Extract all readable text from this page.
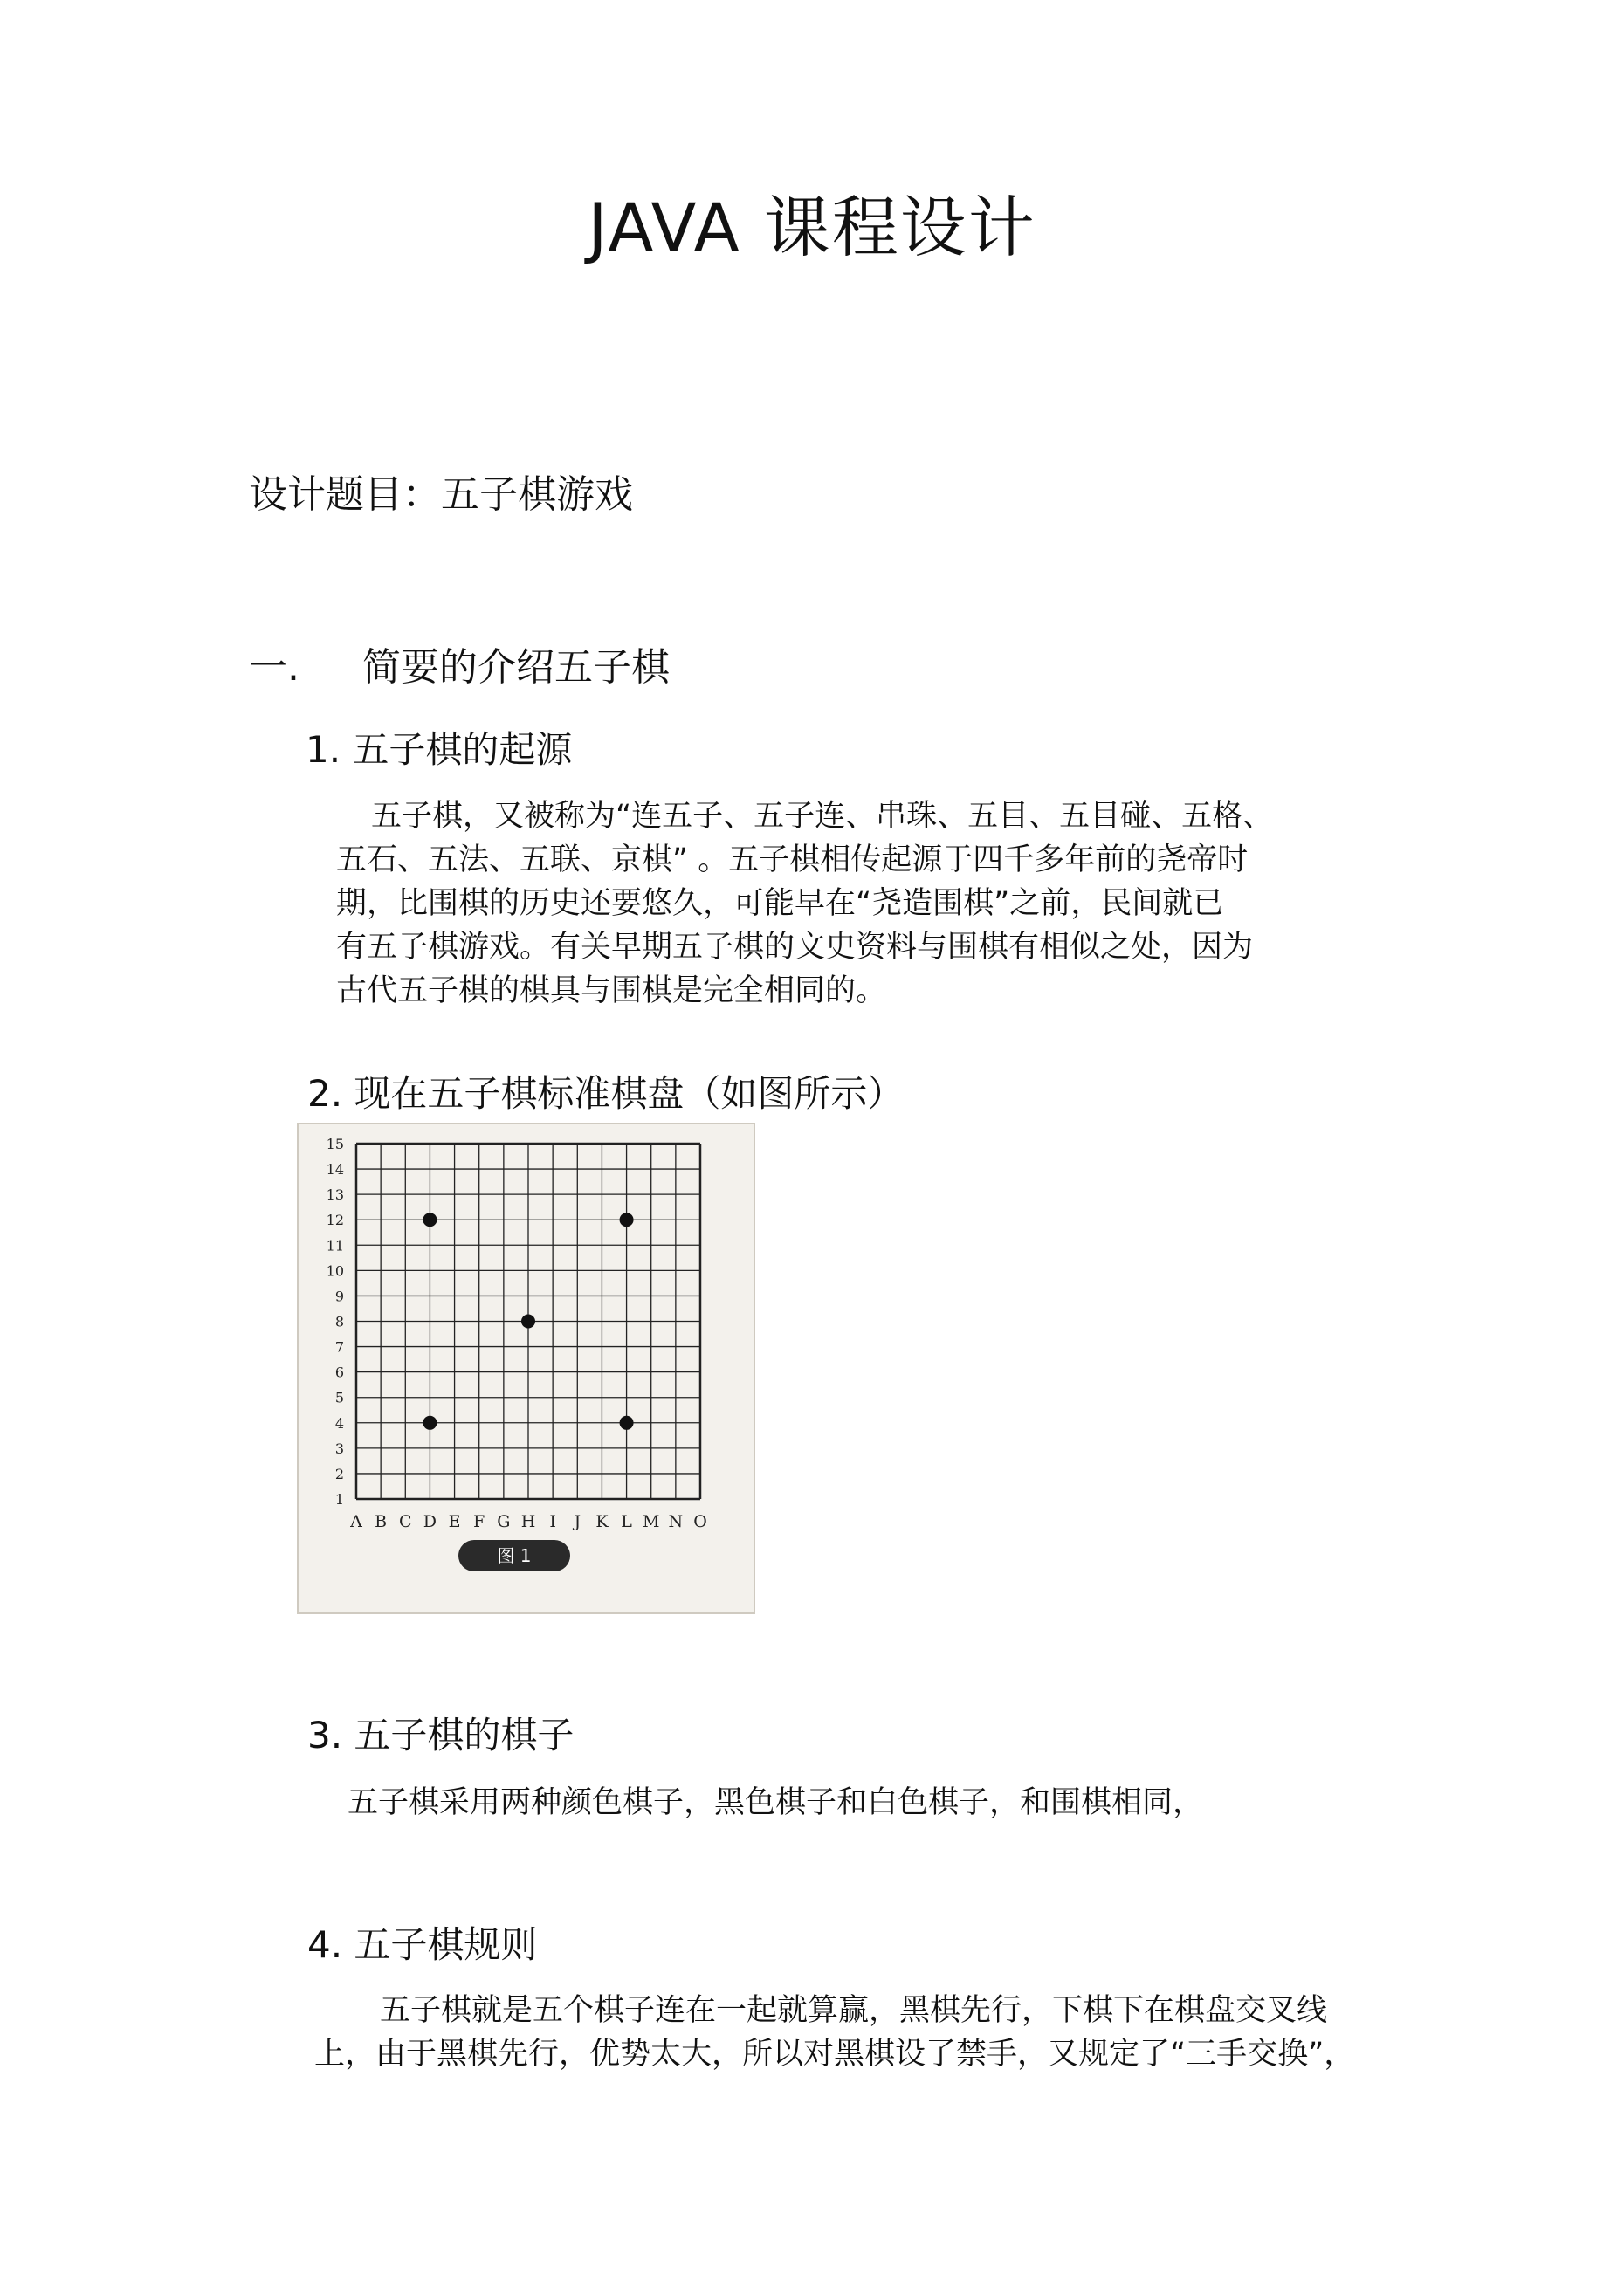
JAVA 课程设计
设计题目：五子棋游戏
一. 简要的介绍五子棋
1. 五子棋的起源
五子棋，又被称为“连五子、五子连、串珠、五目、五目碰、五格、
五石、五法、五联、京棋” 。五子棋相传起源于四千多年前的尧帝时
期，比围棋的历史还要悠久，可能早在“尧造围棋”之前，民间就已
有五子棋游戏。有关早期五子棋的文史资料与围棋有相似之处，因为
古代五子棋的棋具与围棋是完全相同的。
2. 现在五子棋标准棋盘（如图所示）
15
14
13
12
11
10
9
8
7
6
5
4
3
2
1
A B C D E F G H I J K L M N O
图 1
3. 五子棋的棋子
五子棋采用两种颜色棋子，黑色棋子和白色棋子，和围棋相同，
4. 五子棋规则
五子棋就是五个棋子连在一起就算赢，黑棋先行，下棋下在棋盘交叉线
上，由于黑棋先行，优势太大，所以对黑棋设了禁手，又规定了“三手交换”，
